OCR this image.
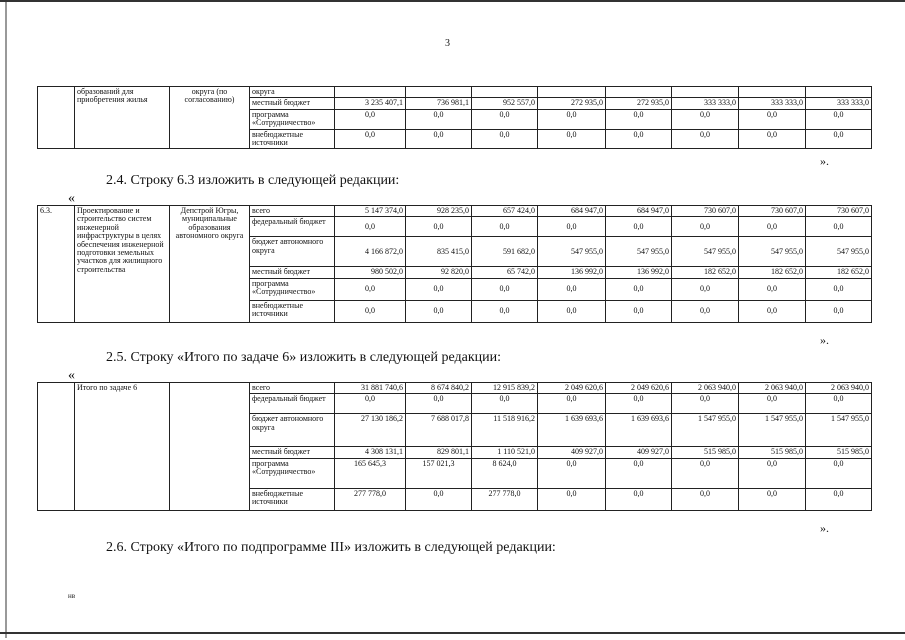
3
	образований для приобретения жилья	округа (по согласованию)	округа								
			местный бюджет	3 235 407,1	736 981,1	952 557,0	272 935,0	272 935,0	333 333,0	333 333,0	333 333,0
			программа «Сотрудничество»	0,0	0,0	0,0	0,0	0,0	0,0	0,0	0,0
			внебюджетные источники	0,0	0,0	0,0	0,0	0,0	0,0	0,0	0,0
».
2.4. Строку 6.3 изложить в следующей редакции:
«
6.3.	Проектирование и строительство систем инженерной инфраструктуры в целях обеспечения инженерной подготовки земельных участков для жилищного строительства	Депстрой Югры, муниципальные образования автономного округа	всего	5 147 374,0	928 235,0	657 424,0	684 947,0	684 947,0	730 607,0	730 607,0	730 607,0
			федеральный бюджет	0,0	0,0	0,0	0,0	0,0	0,0	0,0	0,0
			бюджет автономного округа	4 166 872,0	835 415,0	591 682,0	547 955,0	547 955,0	547 955,0	547 955,0	547 955,0
			местный бюджет	980 502,0	92 820,0	65 742,0	136 992,0	136 992,0	182 652,0	182 652,0	182 652,0
			программа «Сотрудничество»	0,0	0,0	0,0	0,0	0,0	0,0	0,0	0,0
			внебюджетные источники	0,0	0,0	0,0	0,0	0,0	0,0	0,0	0,0
».
2.5. Строку «Итого по задаче 6» изложить в следующей редакции:
«
	Итого по задаче 6		всего	31 881 740,6	8 674 840,2	12 915 839,2	2 049 620,6	2 049 620,6	2 063 940,0	2 063 940,0	2 063 940,0
			федеральный бюджет	0,0	0,0	0,0	0,0	0,0	0,0	0,0	0,0
			бюджет автономного округа	27 130 186,2	7 688 017,8	11 518 916,2	1 639 693,6	1 639 693,6	1 547 955,0	1 547 955,0	1 547 955,0
			местный бюджет	4 308 131,1	829 801,1	1 110 521,0	409 927,0	409 927,0	515 985,0	515 985,0	515 985,0
			программа «Сотрудничество»	165 645,3	157 021,3	8 624,0	0,0	0,0	0,0	0,0	0,0
			внебюджетные источники	277 778,0	0,0	277 778,0	0,0	0,0	0,0	0,0	0,0
».
2.6. Строку «Итого по подпрограмме III» изложить в следующей редакции:
нв
